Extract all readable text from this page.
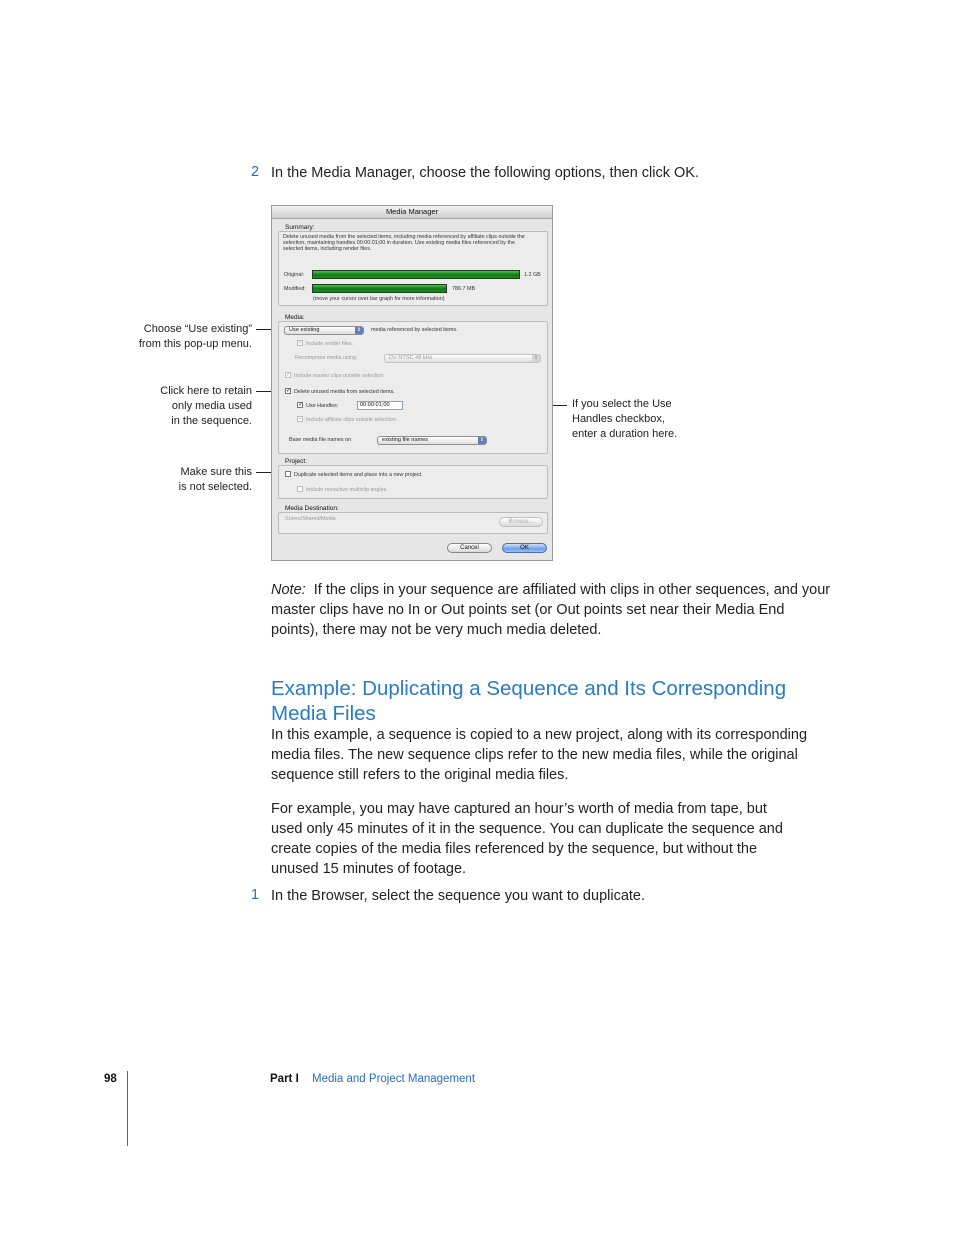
2 In the Media Manager, choose the following options, then click OK.
Choose “Use existing”
from this pop-up menu.
Click here to retain
only media used
in the sequence.
Make sure this
is not selected.
If you select the Use
Handles checkbox,
enter a duration here.
Media Manager
Summary:
Delete unused media from the selected items, including media referenced by affiliate clips outside the
selection, maintaining handles 00:00:01;00 in duration. Use existing media files referenced by the
selected items, including render files.
Original:	1.2 GB
Modified:	786.7 MB
(move your cursor over bar graph for more information)
Media:
Use existing	⇕	media referenced by selected items.
✓ Include render files.
Recompress media using:	DV NTSC 48 kHz	⇕
✓ Include master clips outside selection.
✓ Delete unused media from selected items.
✓ Use Handles:	00:00:01;00
✓ Include affiliate clips outside selection.
Base media file names on	existing file names	⇕
Project:
Duplicate selected items and place into a new project.
Include nonactive multiclip angles.
Media Destination:
/Users/Shared/Media	Browse...
Cancel	OK
Note: If the clips in your sequence are affiliated with clips in other sequences, and your master clips have no In or Out points set (or Out points set near their Media End points), there may not be very much media deleted.
Example: Duplicating a Sequence and Its Corresponding
Media Files
In this example, a sequence is copied to a new project, along with its corresponding media files. The new sequence clips refer to the new media files, while the original sequence still refers to the original media files.
For example, you may have captured an hour’s worth of media from tape, but used only 45 minutes of it in the sequence. You can duplicate the sequence and create copies of the media files referenced by the sequence, but without the unused 15 minutes of footage.
1 In the Browser, select the sequence you want to duplicate.
98	Part I Media and Project Management
